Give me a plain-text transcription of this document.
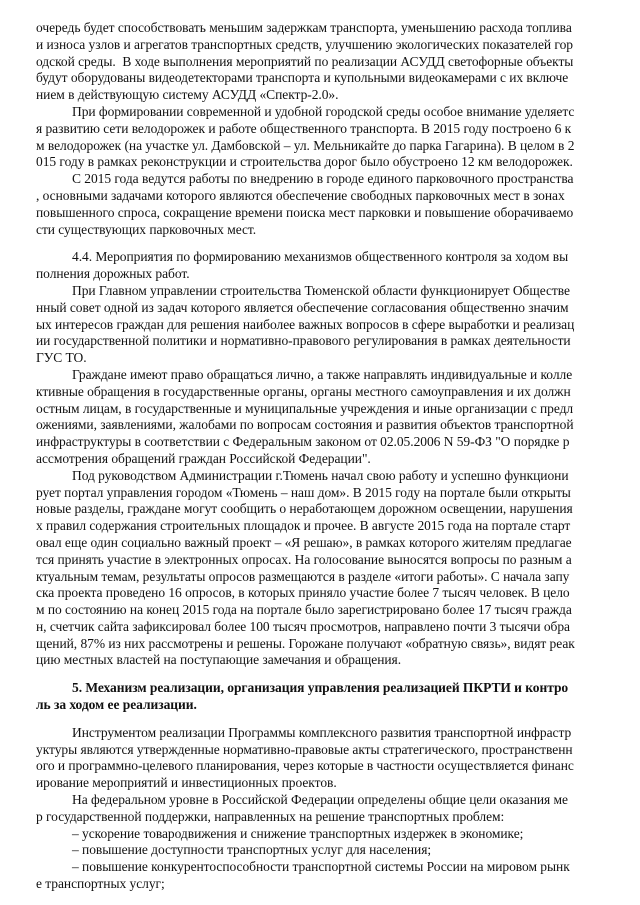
очередь будет способствовать меньшим задержкам транспорта, уменьшению расхода топлива
и износа узлов и агрегатов транспортных средств, улучшению экологических показателей гор
одской среды.  В ходе выполнения мероприятий по реализации АСУДД светофорные объекты
будут оборудованы видеодетекторами транспорта и купольными видеокамерами с их включе
нием в действующую систему АСУДД «Спектр-2.0».
При формировании современной и удобной городской среды особое внимание уделяетс
я развитию сети велодорожек и работе общественного транспорта. В 2015 году построено 6 к
м велодорожек (на участке ул. Дамбовской – ул. Мельникайте до парка Гагарина). В целом в 2
015 году в рамках реконструкции и строительства дорог было обустроено 12 км велодорожек.
С 2015 года ведутся работы по внедрению в городе единого парковочного пространства
, основными задачами которого являются обеспечение свободных парковочных мест в зонах
повышенного спроса, сокращение времени поиска мест парковки и повышение оборачиваемо
сти существующих парковочных мест.
4.4. Мероприятия по формированию механизмов общественного контроля за ходом вы
полнения дорожных работ.
При Главном управлении строительства Тюменской области функционирует Обществе
нный совет одной из задач которого является обеспечение согласования общественно значим
ых интересов граждан для решения наиболее важных вопросов в сфере выработки и реализац
ии государственной политики и нормативно-правового регулирования в рамках деятельности
ГУС ТО.
Граждане имеют право обращаться лично, а также направлять индивидуальные и колле
ктивные обращения в государственные органы, органы местного самоуправления и их должн
остным лицам, в государственные и муниципальные учреждения и иные организации с предл
ожениями, заявлениями, жалобами по вопросам состояния и развития объектов транспортной
инфраструктуры в соответствии с Федеральным законом от 02.05.2006 N 59-ФЗ "О порядке р
ассмотрения обращений граждан Российской Федерации".
Под руководством Администрации г.Тюмень начал свою работу и успешно функциони
рует портал управления городом «Тюмень – наш дом». В 2015 году на портале были открыты
новые разделы, граждане могут сообщить о неработающем дорожном освещении, нарушения
х правил содержания строительных площадок и прочее. В августе 2015 года на портале старт
овал еще один социально важный проект – «Я решаю», в рамках которого жителям предлагае
тся принять участие в электронных опросах. На голосование выносятся вопросы по разным а
ктуальным темам, результаты опросов размещаются в разделе «итоги работы». С начала запу
ска проекта проведено 16 опросов, в которых приняло участие более 7 тысяч человек. В цело
м по состоянию на конец 2015 года на портале было зарегистрировано более 17 тысяч гражда
н, счетчик сайта зафиксировал более 100 тысяч просмотров, направлено почти 3 тысячи обра
щений, 87% из них рассмотрены и решены. Горожане получают «обратную связь», видят реак
цию местных властей на поступающие замечания и обращения.
5. Механизм реализации, организация управления реализацией ПКРТИ и контро
ль за ходом ее реализации.
Инструментом реализации Программы комплексного развития транспортной инфрастр
уктуры являются утвержденные нормативно-правовые акты стратегического, пространственн
ого и программно-целевого планирования, через которые в частности осуществляется финанс
ирование мероприятий и инвестиционных проектов.
На федеральном уровне в Российской Федерации определены общие цели оказания ме
р государственной поддержки, направленных на решение транспортных проблем:
– ускорение товародвижения и снижение транспортных издержек в экономике;
– повышение доступности транспортных услуг для населения;
– повышение конкурентоспособности транспортной системы России на мировом рынк
е транспортных услуг;
